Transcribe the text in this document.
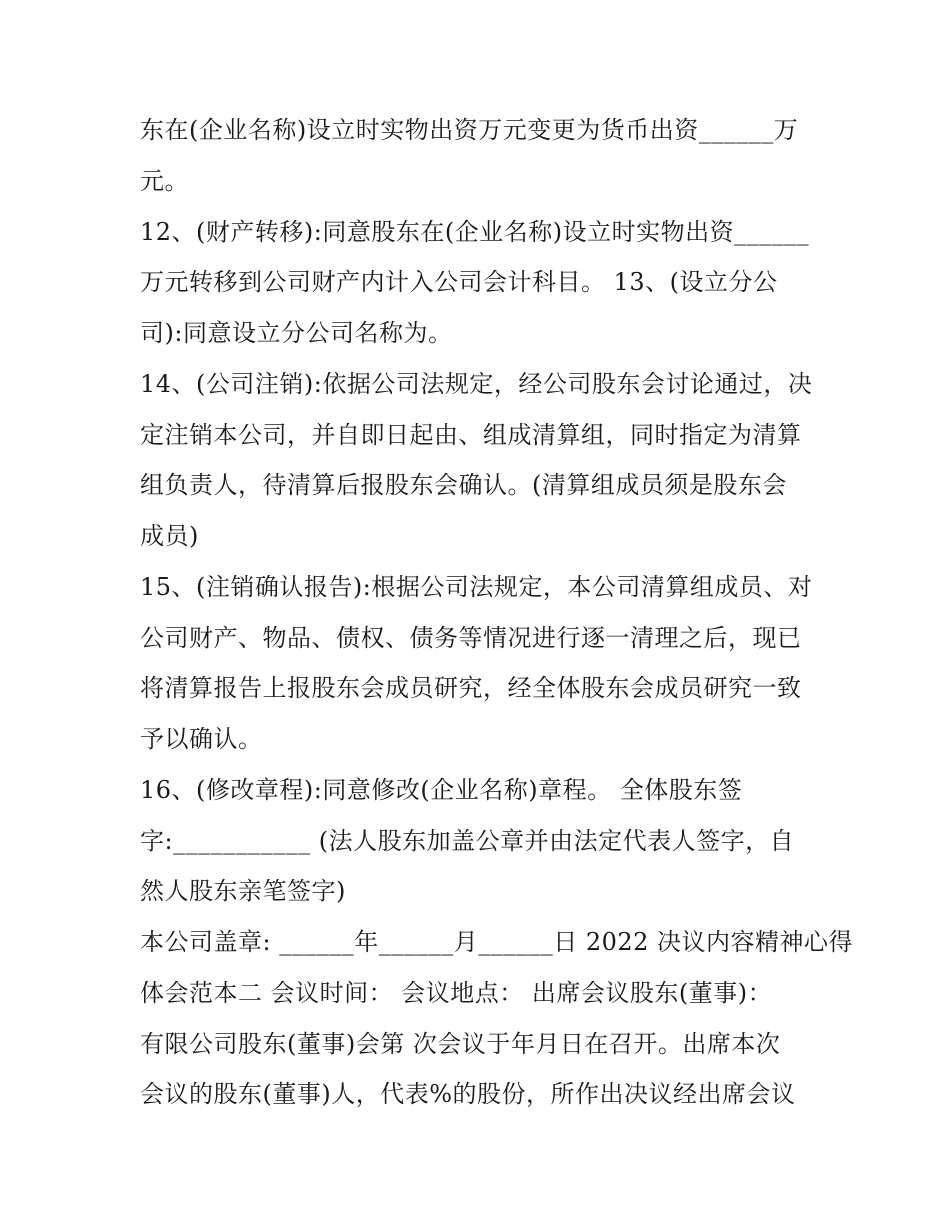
东在(企业名称)设立时实物出资万元变更为货币出资______万
元。
12、(财产转移):同意股东在(企业名称)设立时实物出资______
万元转移到公司财产内计入公司会计科目。 13、(设立分公
司):同意设立分公司名称为。
14、(公司注销):依据公司法规定，经公司股东会讨论通过，决
定注销本公司，并自即日起由、组成清算组，同时指定为清算
组负责人，待清算后报股东会确认。(清算组成员须是股东会
成员)
15、(注销确认报告):根据公司法规定，本公司清算组成员、对
公司财产、物品、债权、债务等情况进行逐一清理之后，现已
将清算报告上报股东会成员研究，经全体股东会成员研究一致
予以确认。
16、(修改章程):同意修改(企业名称)章程。 全体股东签
字:___________ (法人股东加盖公章并由法定代表人签字，自
然人股东亲笔签字)
本公司盖章: ______年______月______日 2022 决议内容精神心得
体会范本二 会议时间： 会议地点： 出席会议股东(董事)：
有限公司股东(董事)会第 次会议于年月日在召开。出席本次
会议的股东(董事)人，代表%的股份，所作出决议经出席会议
